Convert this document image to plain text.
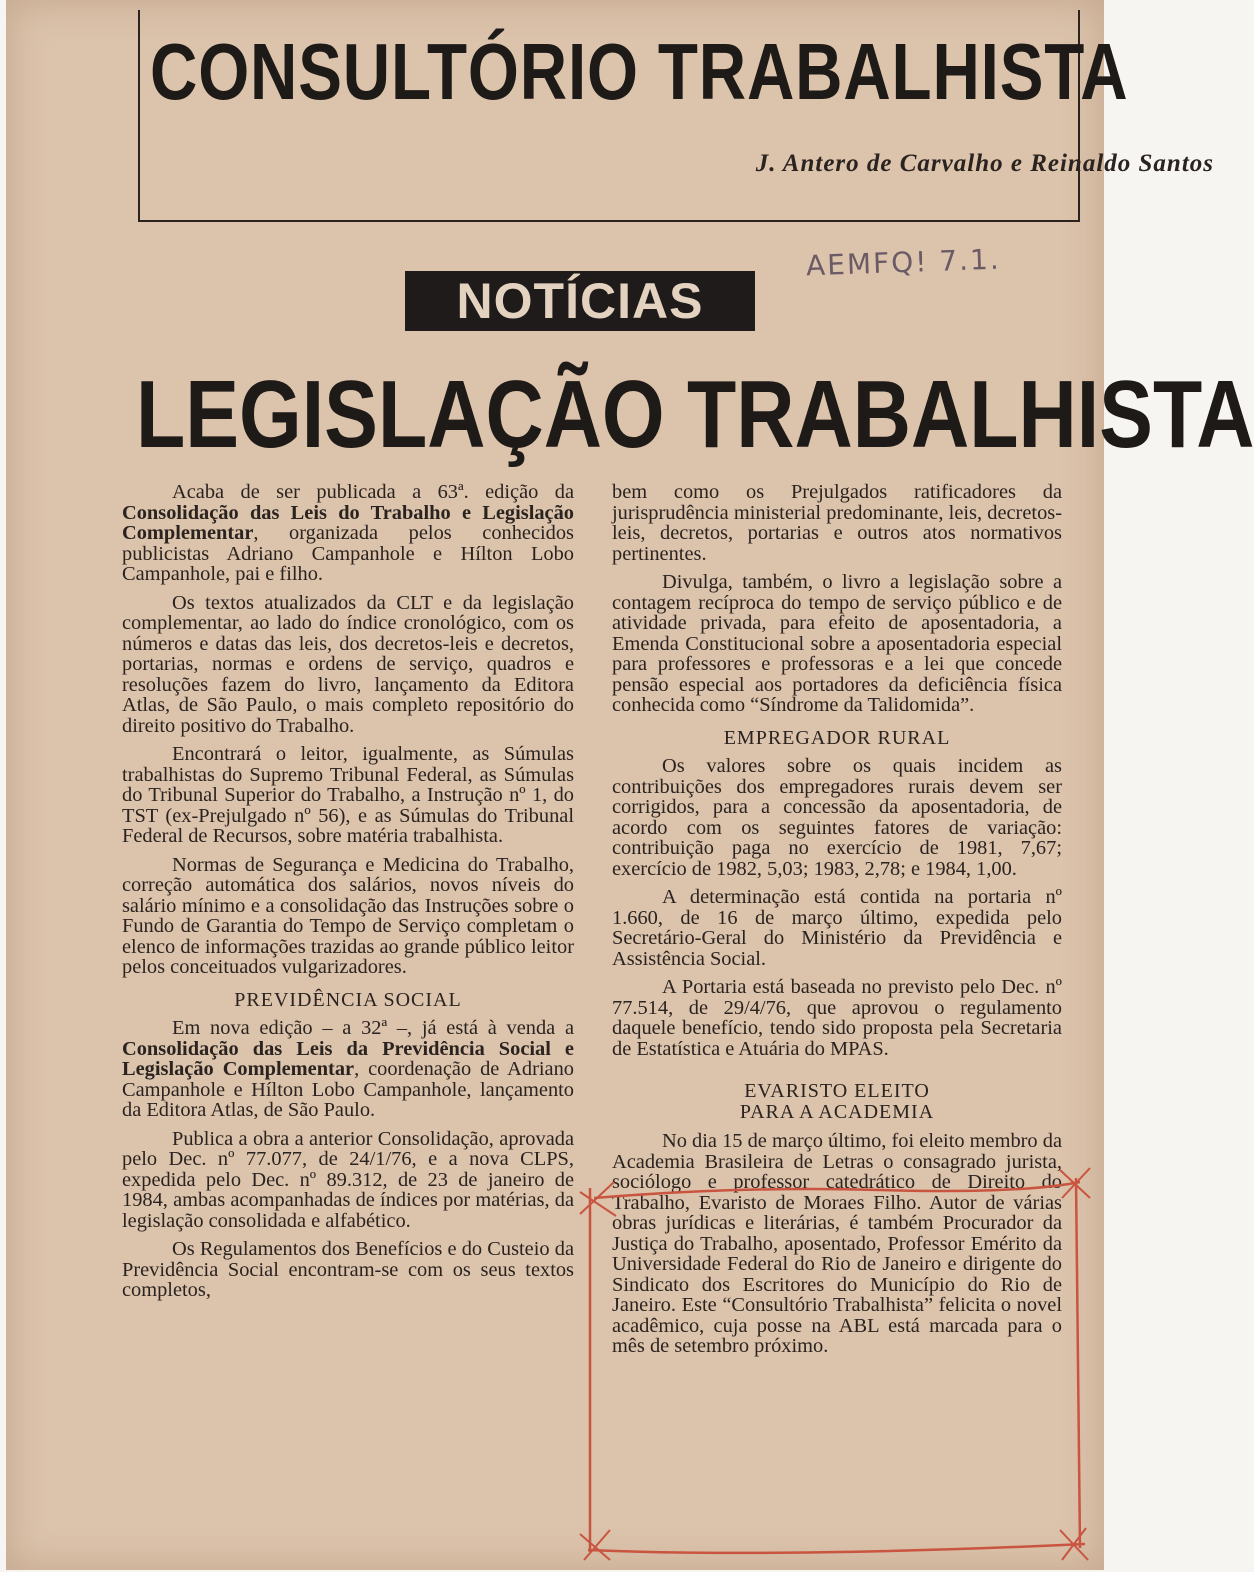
CONSULTÓRIO TRABALHISTA
J. Antero de Carvalho e Reinaldo Santos
AEMFQ! 7.1.
NOTÍCIAS
LEGISLAÇÃO TRABALHISTA

Acaba de ser publicada a 63ª. edição da Consolidação das Leis do Trabalho e Legislação Complementar, organizada pelos conhecidos publicistas Adriano Campanhole e Hílton Lobo Campanhole, pai e filho.

Os textos atualizados da CLT e da legislação complementar, ao lado do índice cronológico, com os números e datas das leis, dos decretos-leis e decretos, portarias, normas e ordens de serviço, quadros e resoluções fazem do livro, lançamento da Editora Atlas, de São Paulo, o mais completo repositório do direito positivo do Trabalho.

Encontrará o leitor, igualmente, as Súmulas trabalhistas do Supremo Tribunal Federal, as Súmulas do Tribunal Superior do Trabalho, a Instrução nº 1, do TST (ex-Prejulgado nº 56), e as Súmulas do Tribunal Federal de Recursos, sobre matéria trabalhista.

Normas de Segurança e Medicina do Trabalho, correção automática dos salários, novos níveis do salário mínimo e a consolidação das Instruções sobre o Fundo de Garantia do Tempo de Serviço completam o elenco de informações trazidas ao grande público leitor pelos conceituados vulgarizadores.

PREVIDÊNCIA SOCIAL

Em nova edição – a 32ª –, já está à venda a Consolidação das Leis da Previdência Social e Legislação Complementar, coordenação de Adriano Campanhole e Hílton Lobo Campanhole, lançamento da Editora Atlas, de São Paulo.

Publica a obra a anterior Consolidação, aprovada pelo Dec. nº 77.077, de 24/1/76, e a nova CLPS, expedida pelo Dec. nº 89.312, de 23 de janeiro de 1984, ambas acompanhadas de índices por matérias, da legislação consolidada e alfabético.

Os Regulamentos dos Benefícios e do Custeio da Previdência Social encontram-se com os seus textos completos,

bem como os Prejulgados ratificadores da jurisprudência ministerial predominante, leis, decretos-leis, decretos, portarias e outros atos normativos pertinentes.

Divulga, também, o livro a legislação sobre a contagem recíproca do tempo de serviço público e de atividade privada, para efeito de aposentadoria, a Emenda Constitucional sobre a aposentadoria especial para professores e professoras e a lei que concede pensão especial aos portadores da deficiência física conhecida como “Síndrome da Talidomida”.

EMPREGADOR RURAL

Os valores sobre os quais incidem as contribuições dos empregadores rurais devem ser corrigidos, para a concessão da aposentadoria, de acordo com os seguintes fatores de variação: contribuição paga no exercício de 1981, 7,67; exercício de 1982, 5,03; 1983, 2,78; e 1984, 1,00.

A determinação está contida na portaria nº 1.660, de 16 de março último, expedida pelo Secretário-Geral do Ministério da Previdência e Assistência Social.

A Portaria está baseada no previsto pelo Dec. nº 77.514, de 29/4/76, que aprovou o regulamento daquele benefício, tendo sido proposta pela Secretaria de Estatística e Atuária do MPAS.

EVARISTO ELEITO
PARA A ACADEMIA

No dia 15 de março último, foi eleito membro da Academia Brasileira de Letras o consagrado jurista, sociólogo e professor catedrático de Direito do Trabalho, Evaristo de Moraes Filho. Autor de várias obras jurídicas e literárias, é também Procurador da Justiça do Trabalho, aposentado, Professor Emérito da Universidade Federal do Rio de Janeiro e dirigente do Sindicato dos Escritores do Município do Rio de Janeiro. Este “Consultório Trabalhista” felicita o novel acadêmico, cuja posse na ABL está marcada para o mês de setembro próximo.
